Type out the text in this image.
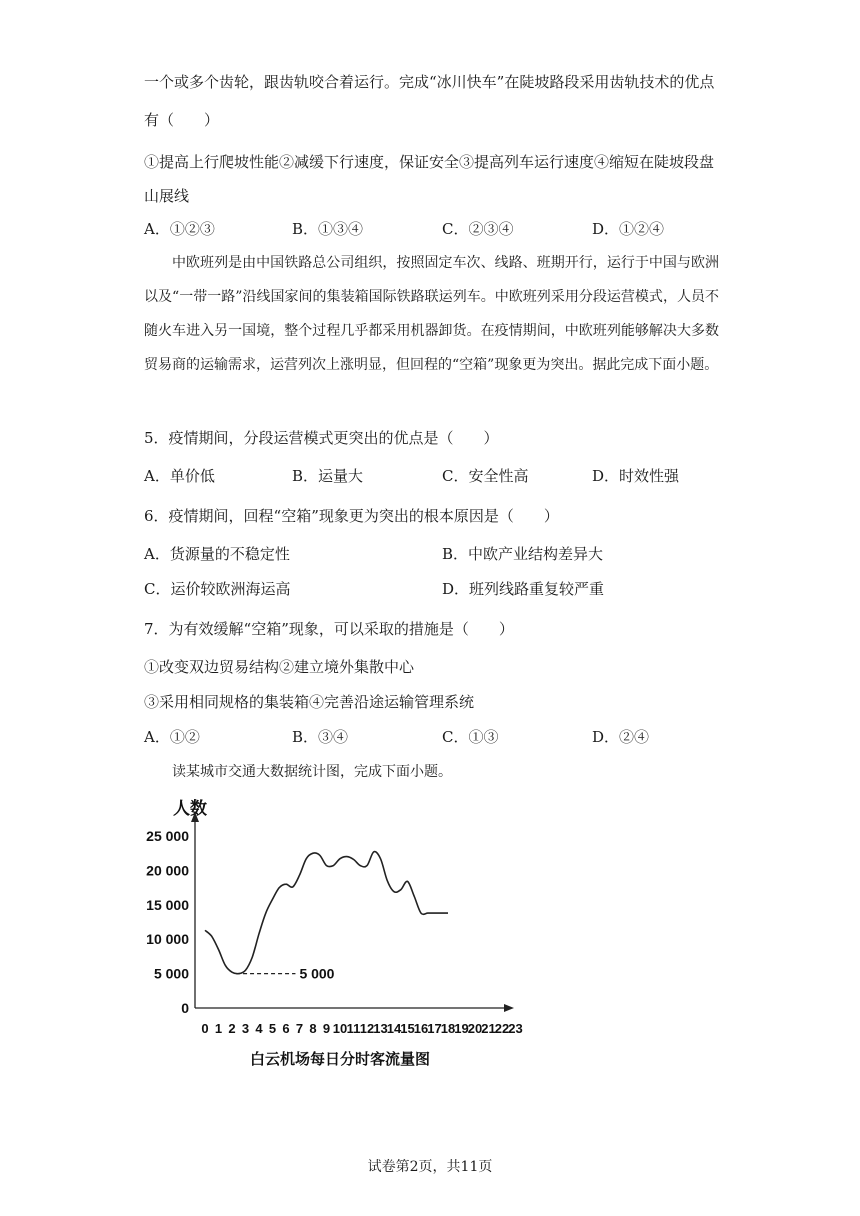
一个或多个齿轮，跟齿轨咬合着运行。完成“冰川快车”在陡坡路段采用齿轨技术的优点
有（　　）
①提高上行爬坡性能②减缓下行速度，保证安全③提高列车运行速度④缩短在陡坡段盘
山展线
A．①②③	B．①③④	C．②③④	D．①②④
中欧班列是由中国铁路总公司组织，按照固定车次、线路、班期开行，运行于中国与欧洲以及“一带一路”沿线国家间的集装箱国际铁路联运列车。中欧班列采用分段运营模式，人员不随火车进入另一国境，整个过程几乎都采用机器卸货。在疫情期间，中欧班列能够解决大多数贸易商的运输需求，运营列次上涨明显，但回程的“空箱”现象更为突出。据此完成下面小题。
5．疫情期间，分段运营模式更突出的优点是（　　）
A．单价低	B．运量大	C．安全性高	D．时效性强
6．疫情期间，回程“空箱”现象更为突出的根本原因是（　　）
A．货源量的不稳定性	B．中欧产业结构差异大
C．运价较欧洲海运高	D．班列线路重复较严重
7．为有效缓解“空箱”现象，可以采取的措施是（　　）
①改变双边贸易结构②建立境外集散中心
③采用相同规格的集装箱④完善沿途运输管理系统
A．①②	B．③④	C．①③	D．②④
读某城市交通大数据统计图，完成下面小题。
0
5 000
10 000
15 000
20 000
25 000
0 1 2 3 4 5 6 7 8 9 10 11 12 13 14 15 16 17 18 19 20 21 22 23
5 000
人数
白云机场每日分时客流量图
试卷第2页，共11页
